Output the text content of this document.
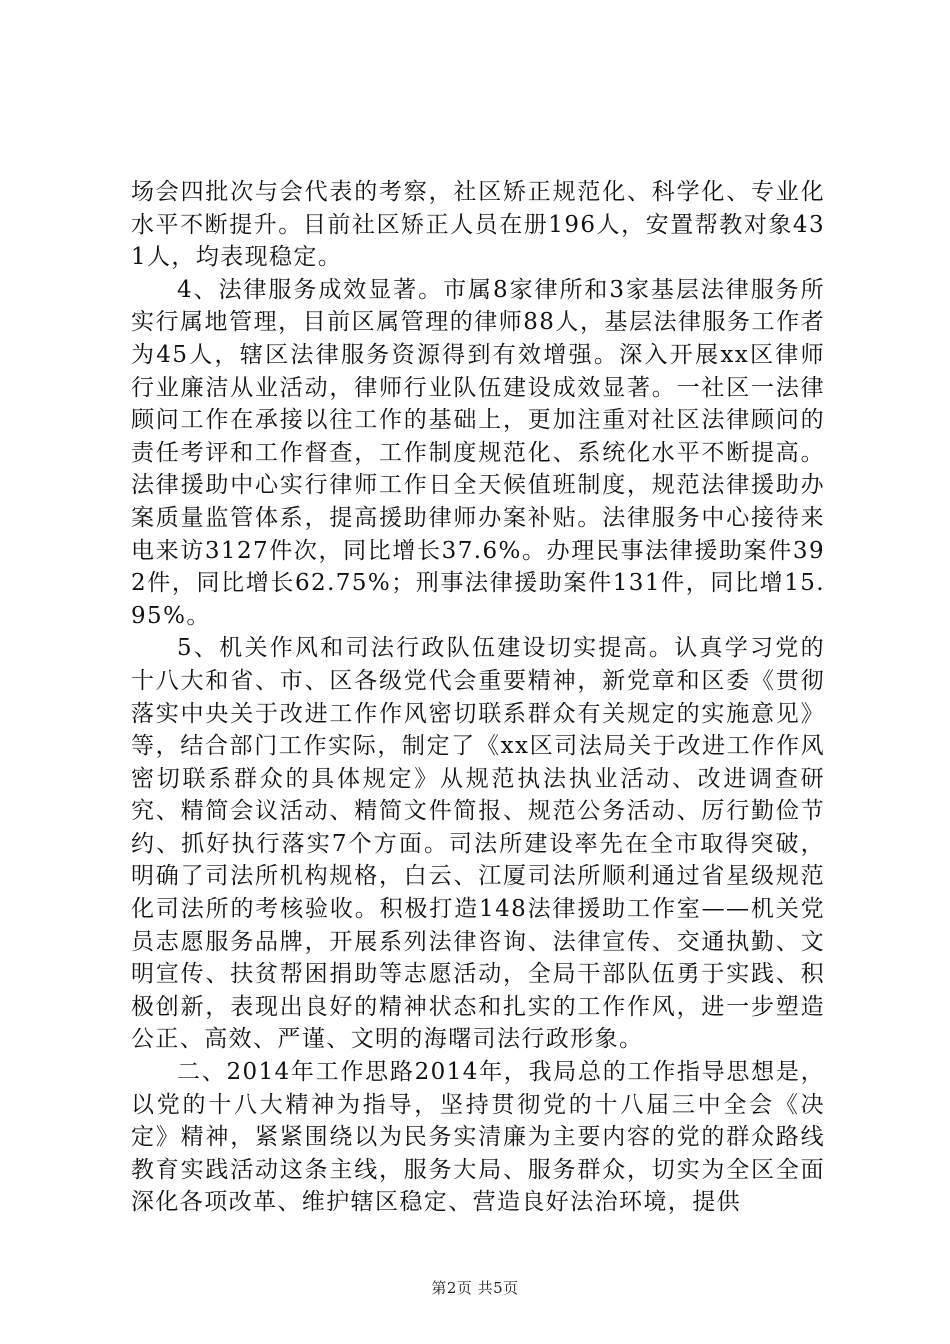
场会四批次与会代表的考察，社区矫正规范化、科学化、专业化水平不断提升。目前社区矫正人员在册196人，安置帮教对象431人，均表现稳定。

4、法律服务成效显著。市属8家律所和3家基层法律服务所实行属地管理，目前区属管理的律师88人，基层法律服务工作者为45人，辖区法律服务资源得到有效增强。深入开展xx区律师行业廉洁从业活动，律师行业队伍建设成效显著。一社区一法律顾问工作在承接以往工作的基础上，更加注重对社区法律顾问的责任考评和工作督查，工作制度规范化、系统化水平不断提高。法律援助中心实行律师工作日全天候值班制度，规范法律援助办案质量监管体系，提高援助律师办案补贴。法律服务中心接待来电来访3127件次，同比增长37.6%。办理民事法律援助案件392件，同比增长62.75%；刑事法律援助案件131件，同比增15.95%。

5、机关作风和司法行政队伍建设切实提高。认真学习党的十八大和省、市、区各级党代会重要精神，新党章和区委《贯彻落实中央关于改进工作作风密切联系群众有关规定的实施意见》等，结合部门工作实际，制定了《xx区司法局关于改进工作作风密切联系群众的具体规定》从规范执法执业活动、改进调查研究、精简会议活动、精简文件简报、规范公务活动、厉行勤俭节约、抓好执行落实7个方面。司法所建设率先在全市取得突破，明确了司法所机构规格，白云、江厦司法所顺利通过省星级规范化司法所的考核验收。积极打造148法律援助工作室——机关党员志愿服务品牌，开展系列法律咨询、法律宣传、交通执勤、文明宣传、扶贫帮困捐助等志愿活动，全局干部队伍勇于实践、积极创新，表现出良好的精神状态和扎实的工作作风，进一步塑造公正、高效、严谨、文明的海曙司法行政形象。

二、2014年工作思路2014年，我局总的工作指导思想是，以党的十八大精神为指导，坚持贯彻党的十八届三中全会《决定》精神，紧紧围绕以为民务实清廉为主要内容的党的群众路线教育实践活动这条主线，服务大局、服务群众，切实为全区全面深化各项改革、维护辖区稳定、营造良好法治环境，提供

第2页 共5页
